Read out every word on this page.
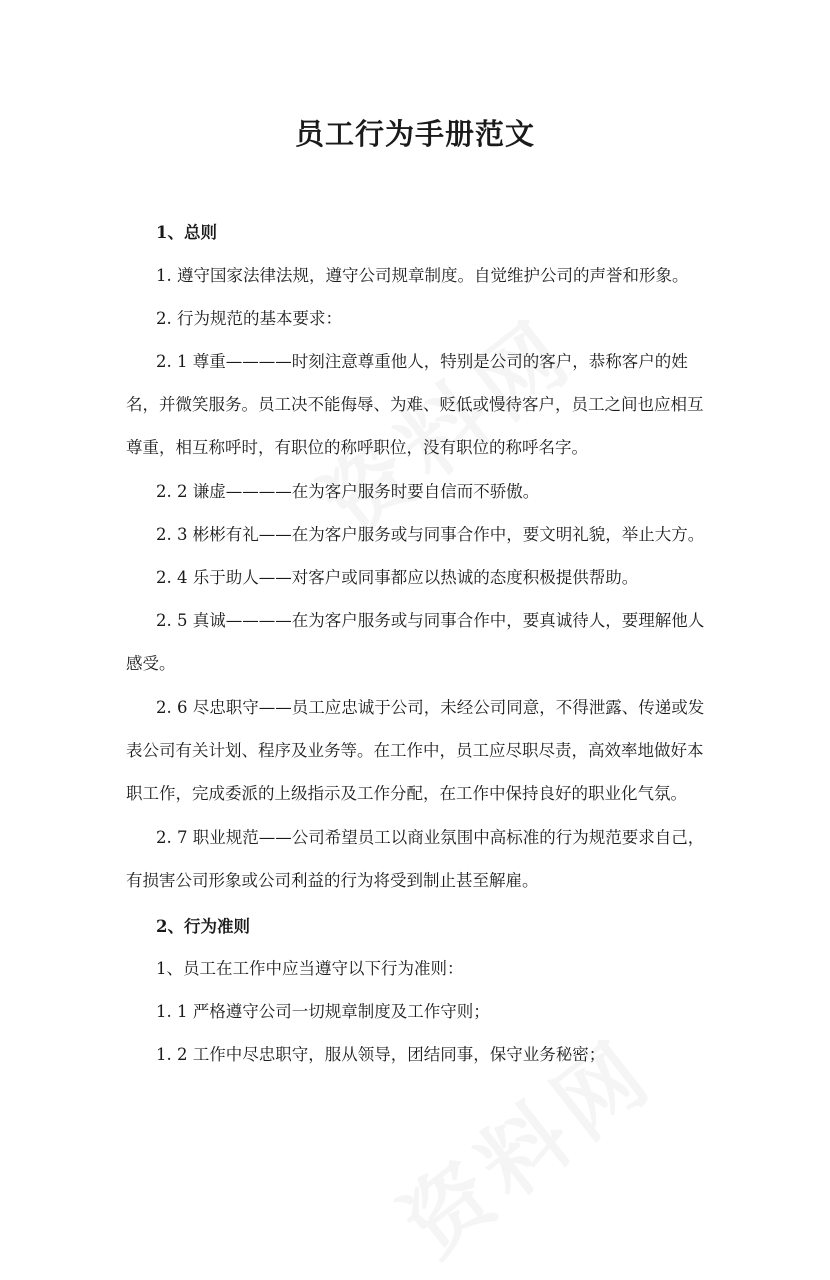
员工行为手册范文
1、总则
1. 遵守国家法律法规，遵守公司规章制度。自觉维护公司的声誉和形象。
2. 行为规范的基本要求：
2. 1 尊重————时刻注意尊重他人，特别是公司的客户，恭称客户的姓名，并微笑服务。员工决不能侮辱、为难、贬低或慢待客户，员工之间也应相互尊重，相互称呼时，有职位的称呼职位，没有职位的称呼名字。
2. 2 谦虚————在为客户服务时要自信而不骄傲。
2. 3 彬彬有礼——在为客户服务或与同事合作中，要文明礼貌，举止大方。
2. 4 乐于助人——对客户或同事都应以热诚的态度积极提供帮助。
2. 5 真诚————在为客户服务或与同事合作中，要真诚待人，要理解他人感受。
2. 6 尽忠职守——员工应忠诚于公司，未经公司同意，不得泄露、传递或发表公司有关计划、程序及业务等。在工作中，员工应尽职尽责，高效率地做好本职工作，完成委派的上级指示及工作分配，在工作中保持良好的职业化气氛。
2. 7 职业规范——公司希望员工以商业氛围中高标准的行为规范要求自己，有损害公司形象或公司利益的行为将受到制止甚至解雇。
2、行为准则
1、员工在工作中应当遵守以下行为准则：
1. 1 严格遵守公司一切规章制度及工作守则；
1. 2 工作中尽忠职守，服从领导，团结同事，保守业务秘密；
